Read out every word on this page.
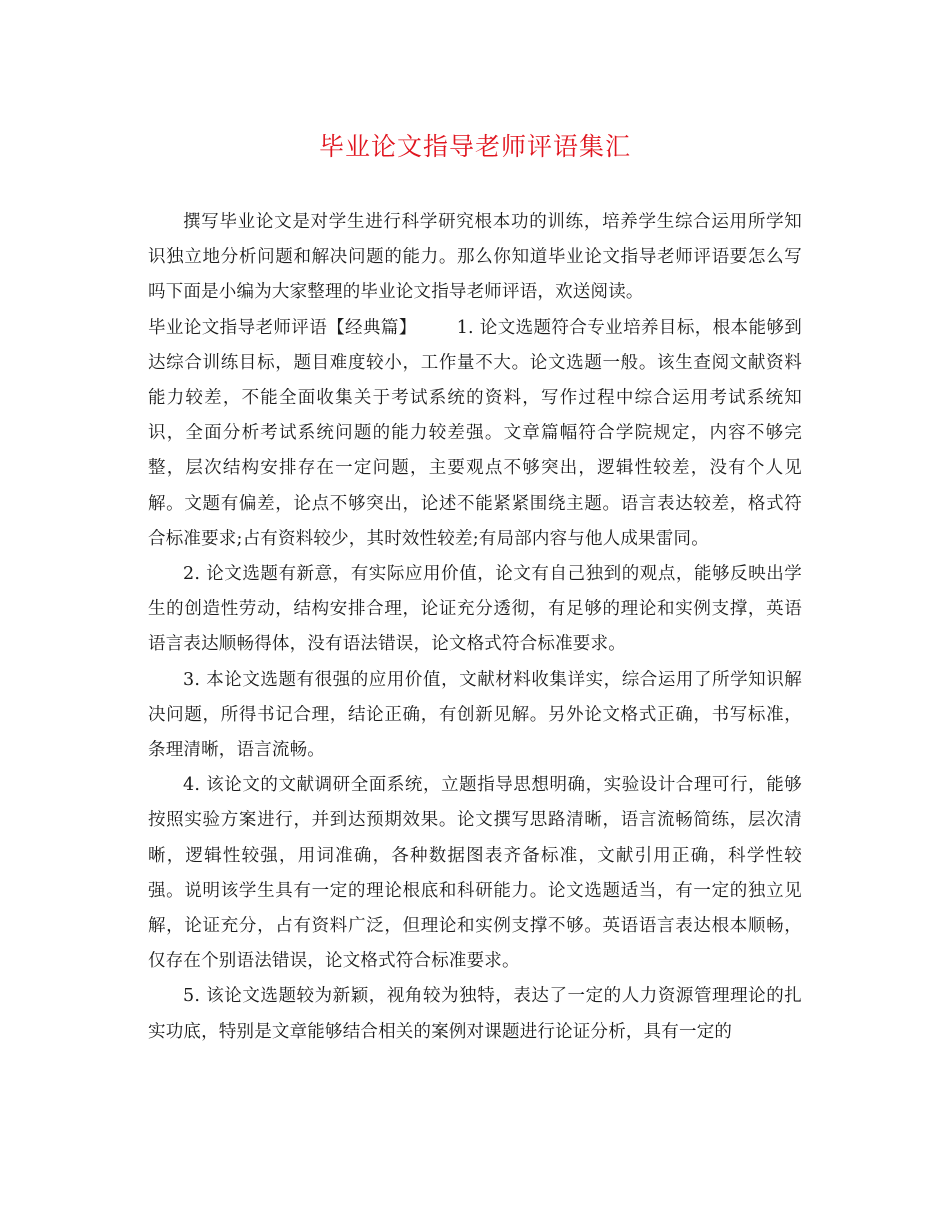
毕业论文指导老师评语集汇

撰写毕业论文是对学生进行科学研究根本功的训练，培养学生综合运用所学知识独立地分析问题和解决问题的能力。那么你知道毕业论文指导老师评语要怎么写吗下面是小编为大家整理的毕业论文指导老师评语，欢送阅读。

毕业论文指导老师评语【经典篇】 1. 论文选题符合专业培养目标，根本能够到达综合训练目标，题目难度较小，工作量不大。论文选题一般。该生查阅文献资料能力较差，不能全面收集关于考试系统的资料，写作过程中综合运用考试系统知识，全面分析考试系统问题的能力较差强。文章篇幅符合学院规定，内容不够完整，层次结构安排存在一定问题，主要观点不够突出，逻辑性较差，没有个人见解。文题有偏差，论点不够突出，论述不能紧紧围绕主题。语言表达较差，格式符合标准要求;占有资料较少，其时效性较差;有局部内容与他人成果雷同。

2. 论文选题有新意，有实际应用价值，论文有自己独到的观点，能够反映出学生的创造性劳动，结构安排合理，论证充分透彻，有足够的理论和实例支撑，英语语言表达顺畅得体，没有语法错误，论文格式符合标准要求。

3. 本论文选题有很强的应用价值，文献材料收集详实，综合运用了所学知识解决问题，所得书记合理，结论正确，有创新见解。另外论文格式正确，书写标准，条理清晰，语言流畅。

4. 该论文的文献调研全面系统，立题指导思想明确，实验设计合理可行，能够按照实验方案进行，并到达预期效果。论文撰写思路清晰，语言流畅简练，层次清晰，逻辑性较强，用词准确，各种数据图表齐备标准，文献引用正确，科学性较强。说明该学生具有一定的理论根底和科研能力。论文选题适当，有一定的独立见解，论证充分，占有资料广泛，但理论和实例支撑不够。英语语言表达根本顺畅，仅存在个别语法错误，论文格式符合标准要求。

5. 该论文选题较为新颖，视角较为独特，表达了一定的人力资源管理理论的扎实功底，特别是文章能够结合相关的案例对课题进行论证分析，具有一定的
